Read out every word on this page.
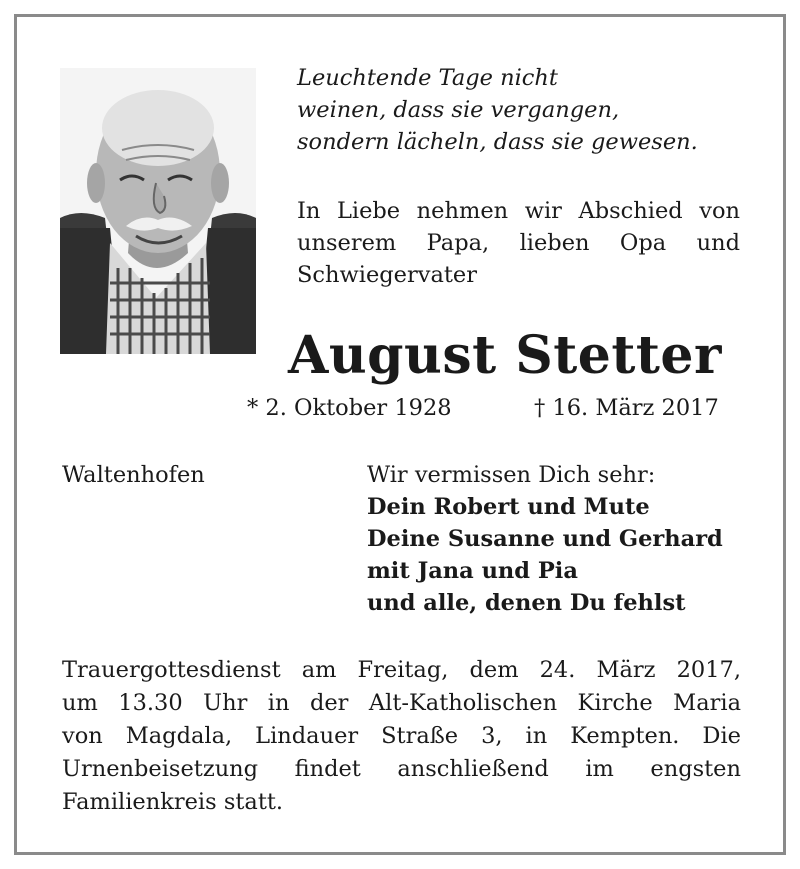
Leuchtende Tage nicht
weinen, dass sie vergangen,
sondern lächeln, dass sie gewesen.
In Liebe nehmen wir Abschied von
unserem Papa, lieben Opa und
Schwiegervater
August Stetter
* 2. Oktober 1928	† 16. März 2017
Waltenhofen	Wir vermissen Dich sehr:
Dein Robert und Mute
Deine Susanne und Gerhard
mit Jana und Pia
und alle, denen Du fehlst
Trauergottesdienst am Freitag, dem 24. März 2017,
um 13.30 Uhr in der Alt-Katholischen Kirche Maria
von Magdala, Lindauer Straße 3, in Kempten. Die
Urnenbeisetzung findet anschließend im engsten
Familienkreis statt.
